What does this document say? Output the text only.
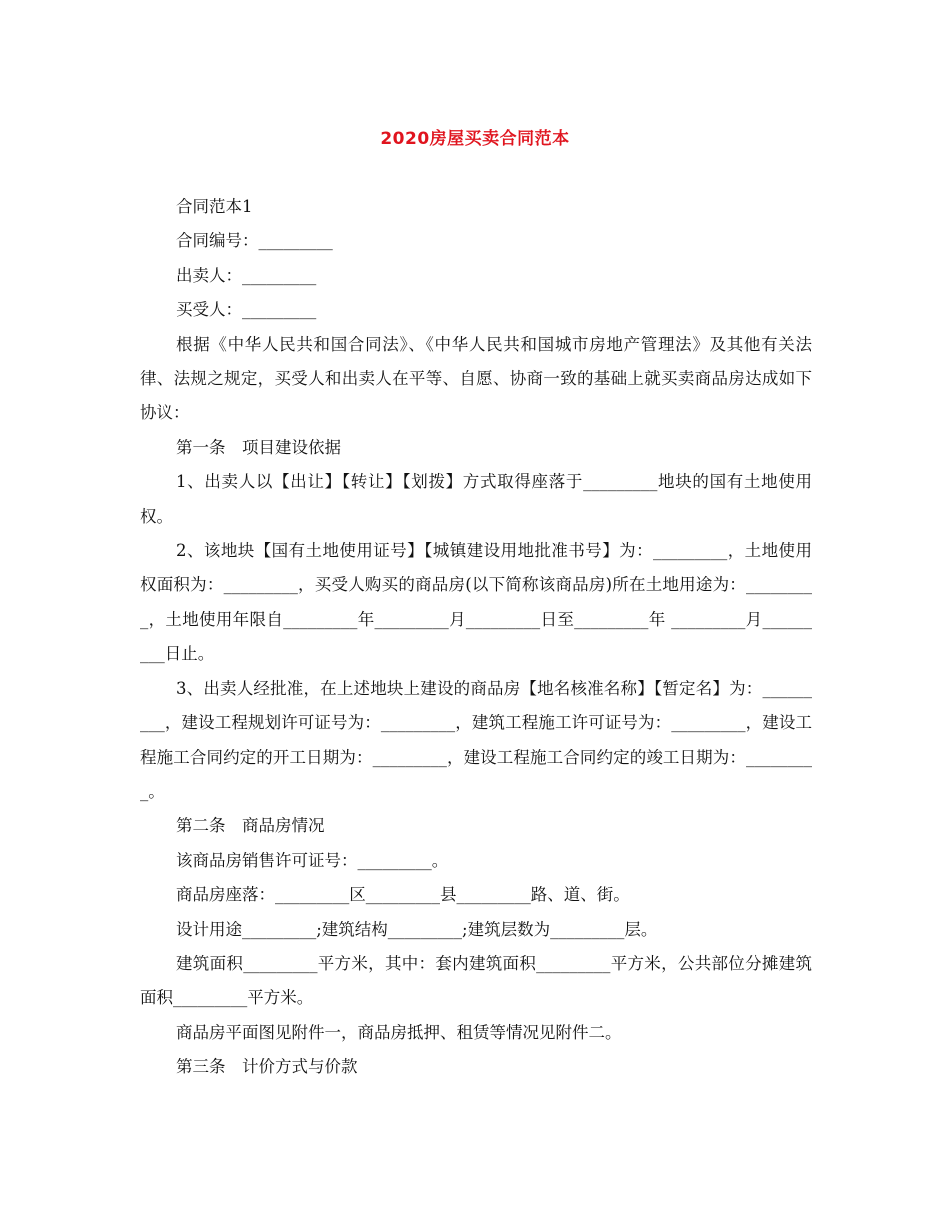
2020房屋买卖合同范本

合同范本1

合同编号：_________

出卖人：_________

买受人：_________

根据《中华人民共和国合同法》、《中华人民共和国城市房地产管理法》及其他有关法律、法规之规定，买受人和出卖人在平等、自愿、协商一致的基础上就买卖商品房达成如下协议：

第一条　项目建设依据

1、出卖人以【出让】【转让】【划拨】方式取得座落于_________地块的国有土地使用权。

2、该地块【国有土地使用证号】【城镇建设用地批准书号】为：_________，土地使用权面积为：_________，买受人购买的商品房(以下简称该商品房)所在土地用途为：_________，土地使用年限自_________年_________月_________日至_________年 _________月_________日止。

3、出卖人经批准，在上述地块上建设的商品房【地名核准名称】【暂定名】为：_________，建设工程规划许可证号为：_________，建筑工程施工许可证号为：_________，建设工程施工合同约定的开工日期为：_________，建设工程施工合同约定的竣工日期为：_________。

第二条　商品房情况

该商品房销售许可证号：_________。

商品房座落：_________区_________县_________路、道、街。

设计用途_________;建筑结构_________;建筑层数为_________层。

建筑面积_________平方米，其中：套内建筑面积_________平方米，公共部位分摊建筑面积_________平方米。

商品房平面图见附件一，商品房抵押、租赁等情况见附件二。

第三条　计价方式与价款
